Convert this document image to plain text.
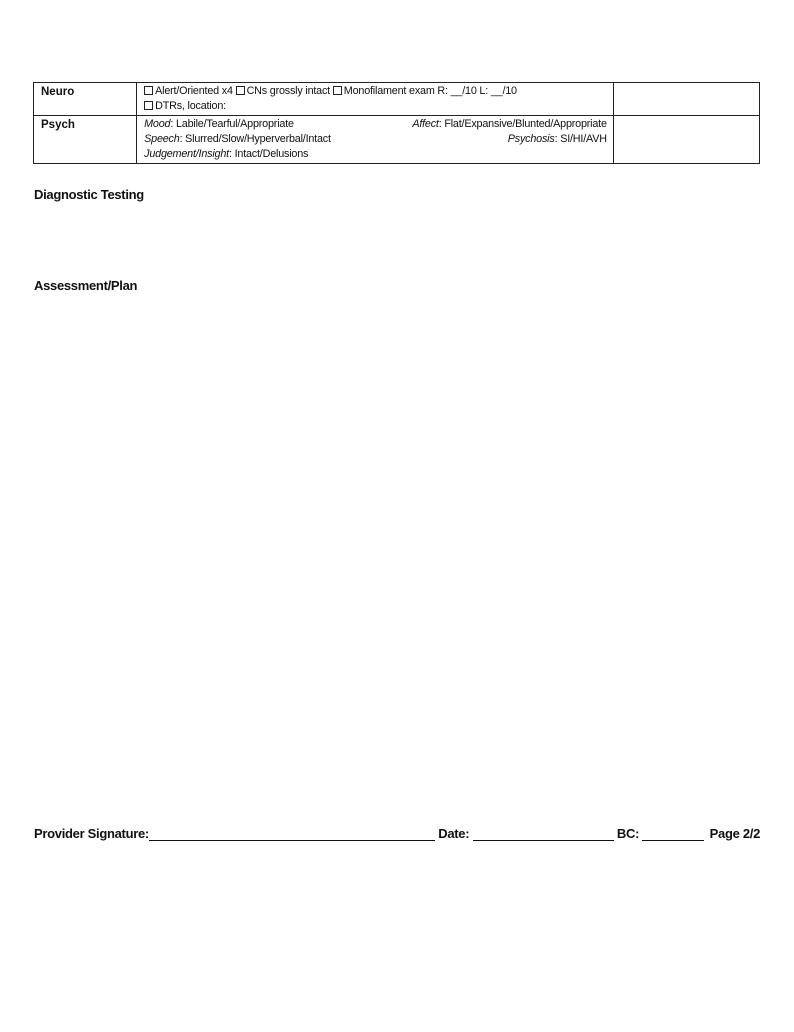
Neuro	Alert/Oriented x4 CNs grossly intact Monofilament exam R: __/10 L: __/10
DTRs, location:	

Psych	Mood: Labile/Tearful/Appropriate Affect: Flat/Expansive/Blunted/Appropriate
Speech: Slurred/Slow/Hyperverbal/Intact Psychosis: SI/HI/AVH
Judgement/Insight: Intact/Delusions	

Diagnostic Testing
Assessment/Plan
Provider Signature:	Date:	BC:	Page 2/2
